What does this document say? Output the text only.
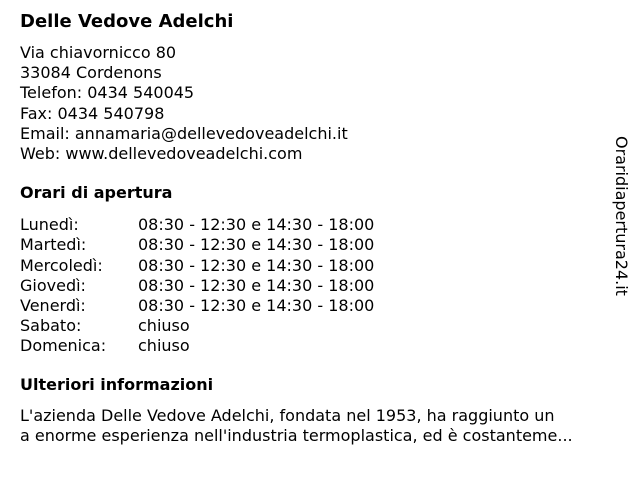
Delle Vedove Adelchi
Via chiavornicco 80
33084 Cordenons
Telefon: 0434 540045
Fax: 0434 540798
Email: annamaria@dellevedoveadelchi.it
Web: www.dellevedoveadelchi.com
Orari di apertura
Lunedì:	08:30 - 12:30 e 14:30 - 18:00
Martedì:	08:30 - 12:30 e 14:30 - 18:00
Mercoledì:	08:30 - 12:30 e 14:30 - 18:00
Giovedì:	08:30 - 12:30 e 14:30 - 18:00
Venerdì:	08:30 - 12:30 e 14:30 - 18:00
Sabato:	chiuso
Domenica:	chiuso
Ulteriori informazioni
L'azienda Delle Vedove Adelchi, fondata nel 1953, ha raggiunto un
a enorme esperienza nell'industria termoplastica, ed è costanteme...
Oraridiapertura24.it
